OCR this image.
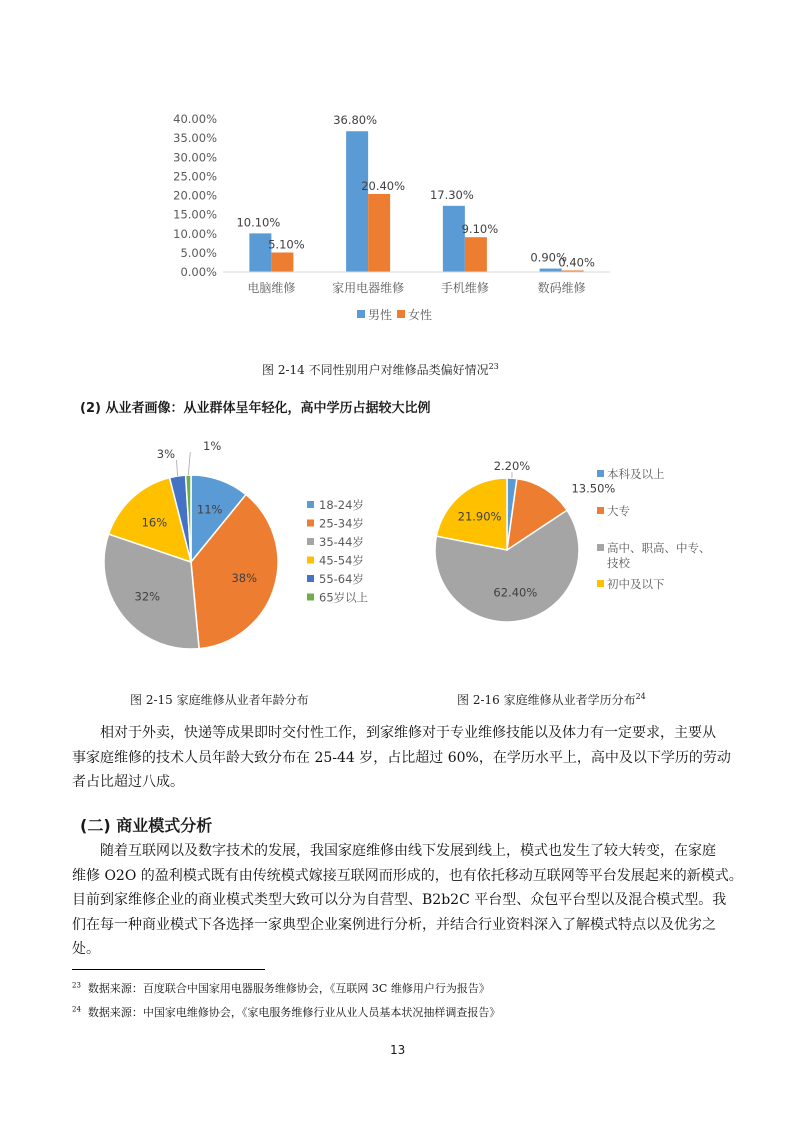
0.00%
5.00%
10.00%
15.00%
20.00%
25.00%
30.00%
35.00%
40.00%
10.10%
5.10%
36.80%
20.40%
17.30%
9.10%
0.90%
0.40%
电脑维修	家用电器维修	手机维修	数码维修
男性 女性
图 2-14 不同性别用户对维修品类偏好情况$^{23}$
(2) 从业者画像：从业群体呈年轻化，高中学历占据较大比例
11%
38%
32%
16%
3%
1%
18-24岁
25-34岁
35-44岁
45-54岁
55-64岁
65岁以上
2.20%
13.50%
62.40%
21.90%
本科及以上
大专
高中、职高、中专、
技校
初中及以下
图 2-15 家庭维修从业者年龄分布	图 2-16 家庭维修从业者学历分布$^{24}$
相对于外卖，快递等成果即时交付性工作，到家维修对于专业维修技能以及体力有一定要求，主要从
事家庭维修的技术人员年龄大致分布在 25-44 岁，占比超过 60%，在学历水平上，高中及以下学历的劳动
者占比超过八成。
(二) 商业模式分析
随着互联网以及数字技术的发展，我国家庭维修由线下发展到线上，模式也发生了较大转变，在家庭
维修 O2O 的盈利模式既有由传统模式嫁接互联网而形成的，也有依托移动互联网等平台发展起来的新模式。
目前到家维修企业的商业模式类型大致可以分为自营型、B2b2C 平台型、众包平台型以及混合模式型。我
们在每一种商业模式下各选择一家典型企业案例进行分析，并结合行业资料深入了解模式特点以及优劣之
处。
$^{23}$ 数据来源：百度联合中国家用电器服务维修协会，《互联网 3C 维修用户行为报告》
$^{24}$ 数据来源：中国家电维修协会，《家电服务维修行业从业人员基本状况抽样调查报告》
13
